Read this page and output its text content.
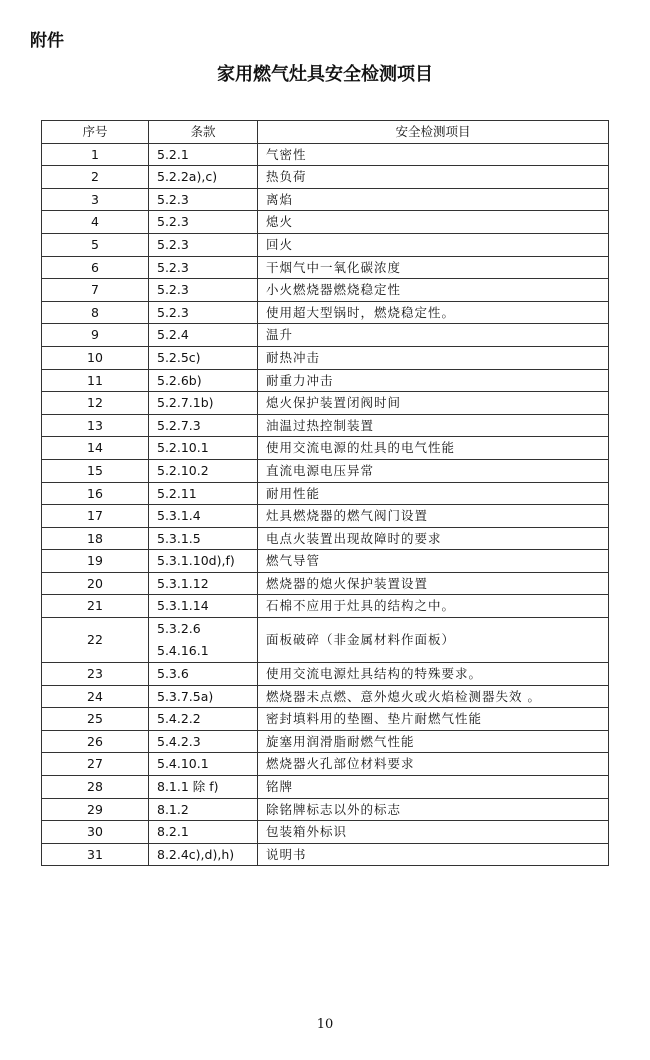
附件
家用燃气灶具安全检测项目
序号	条款	安全检测项目
1	5.2.1	气密性
2	5.2.2a),c)	热负荷
3	5.2.3	离焰
4	5.2.3	熄火
5	5.2.3	回火
6	5.2.3	干烟气中一氧化碳浓度
7	5.2.3	小火燃烧器燃烧稳定性
8	5.2.3	使用超大型锅时，燃烧稳定性。
9	5.2.4	温升
10	5.2.5c)	耐热冲击
11	5.2.6b)	耐重力冲击
12	5.2.7.1b)	熄火保护装置闭阀时间
13	5.2.7.3	油温过热控制装置
14	5.2.10.1	使用交流电源的灶具的电气性能
15	5.2.10.2	直流电源电压异常
16	5.2.11	耐用性能
17	5.3.1.4	灶具燃烧器的燃气阀门设置
18	5.3.1.5	电点火装置出现故障时的要求
19	5.3.1.10d),f)	燃气导管
20	5.3.1.12	燃烧器的熄火保护装置设置
21	5.3.1.14	石棉不应用于灶具的结构之中。
22	5.3.2.6
5.4.16.1	面板破碎（非金属材料作面板）
23	5.3.6	使用交流电源灶具结构的特殊要求。
24	5.3.7.5a)	燃烧器未点燃、意外熄火或火焰检测器失效 。
25	5.4.2.2	密封填料用的垫圈、垫片耐燃气性能
26	5.4.2.3	旋塞用润滑脂耐燃气性能
27	5.4.10.1	燃烧器火孔部位材料要求
28	8.1.1 除 f)	铭牌
29	8.1.2	除铭牌标志以外的标志
30	8.2.1	包装箱外标识
31	8.2.4c),d),h)	说明书
10
